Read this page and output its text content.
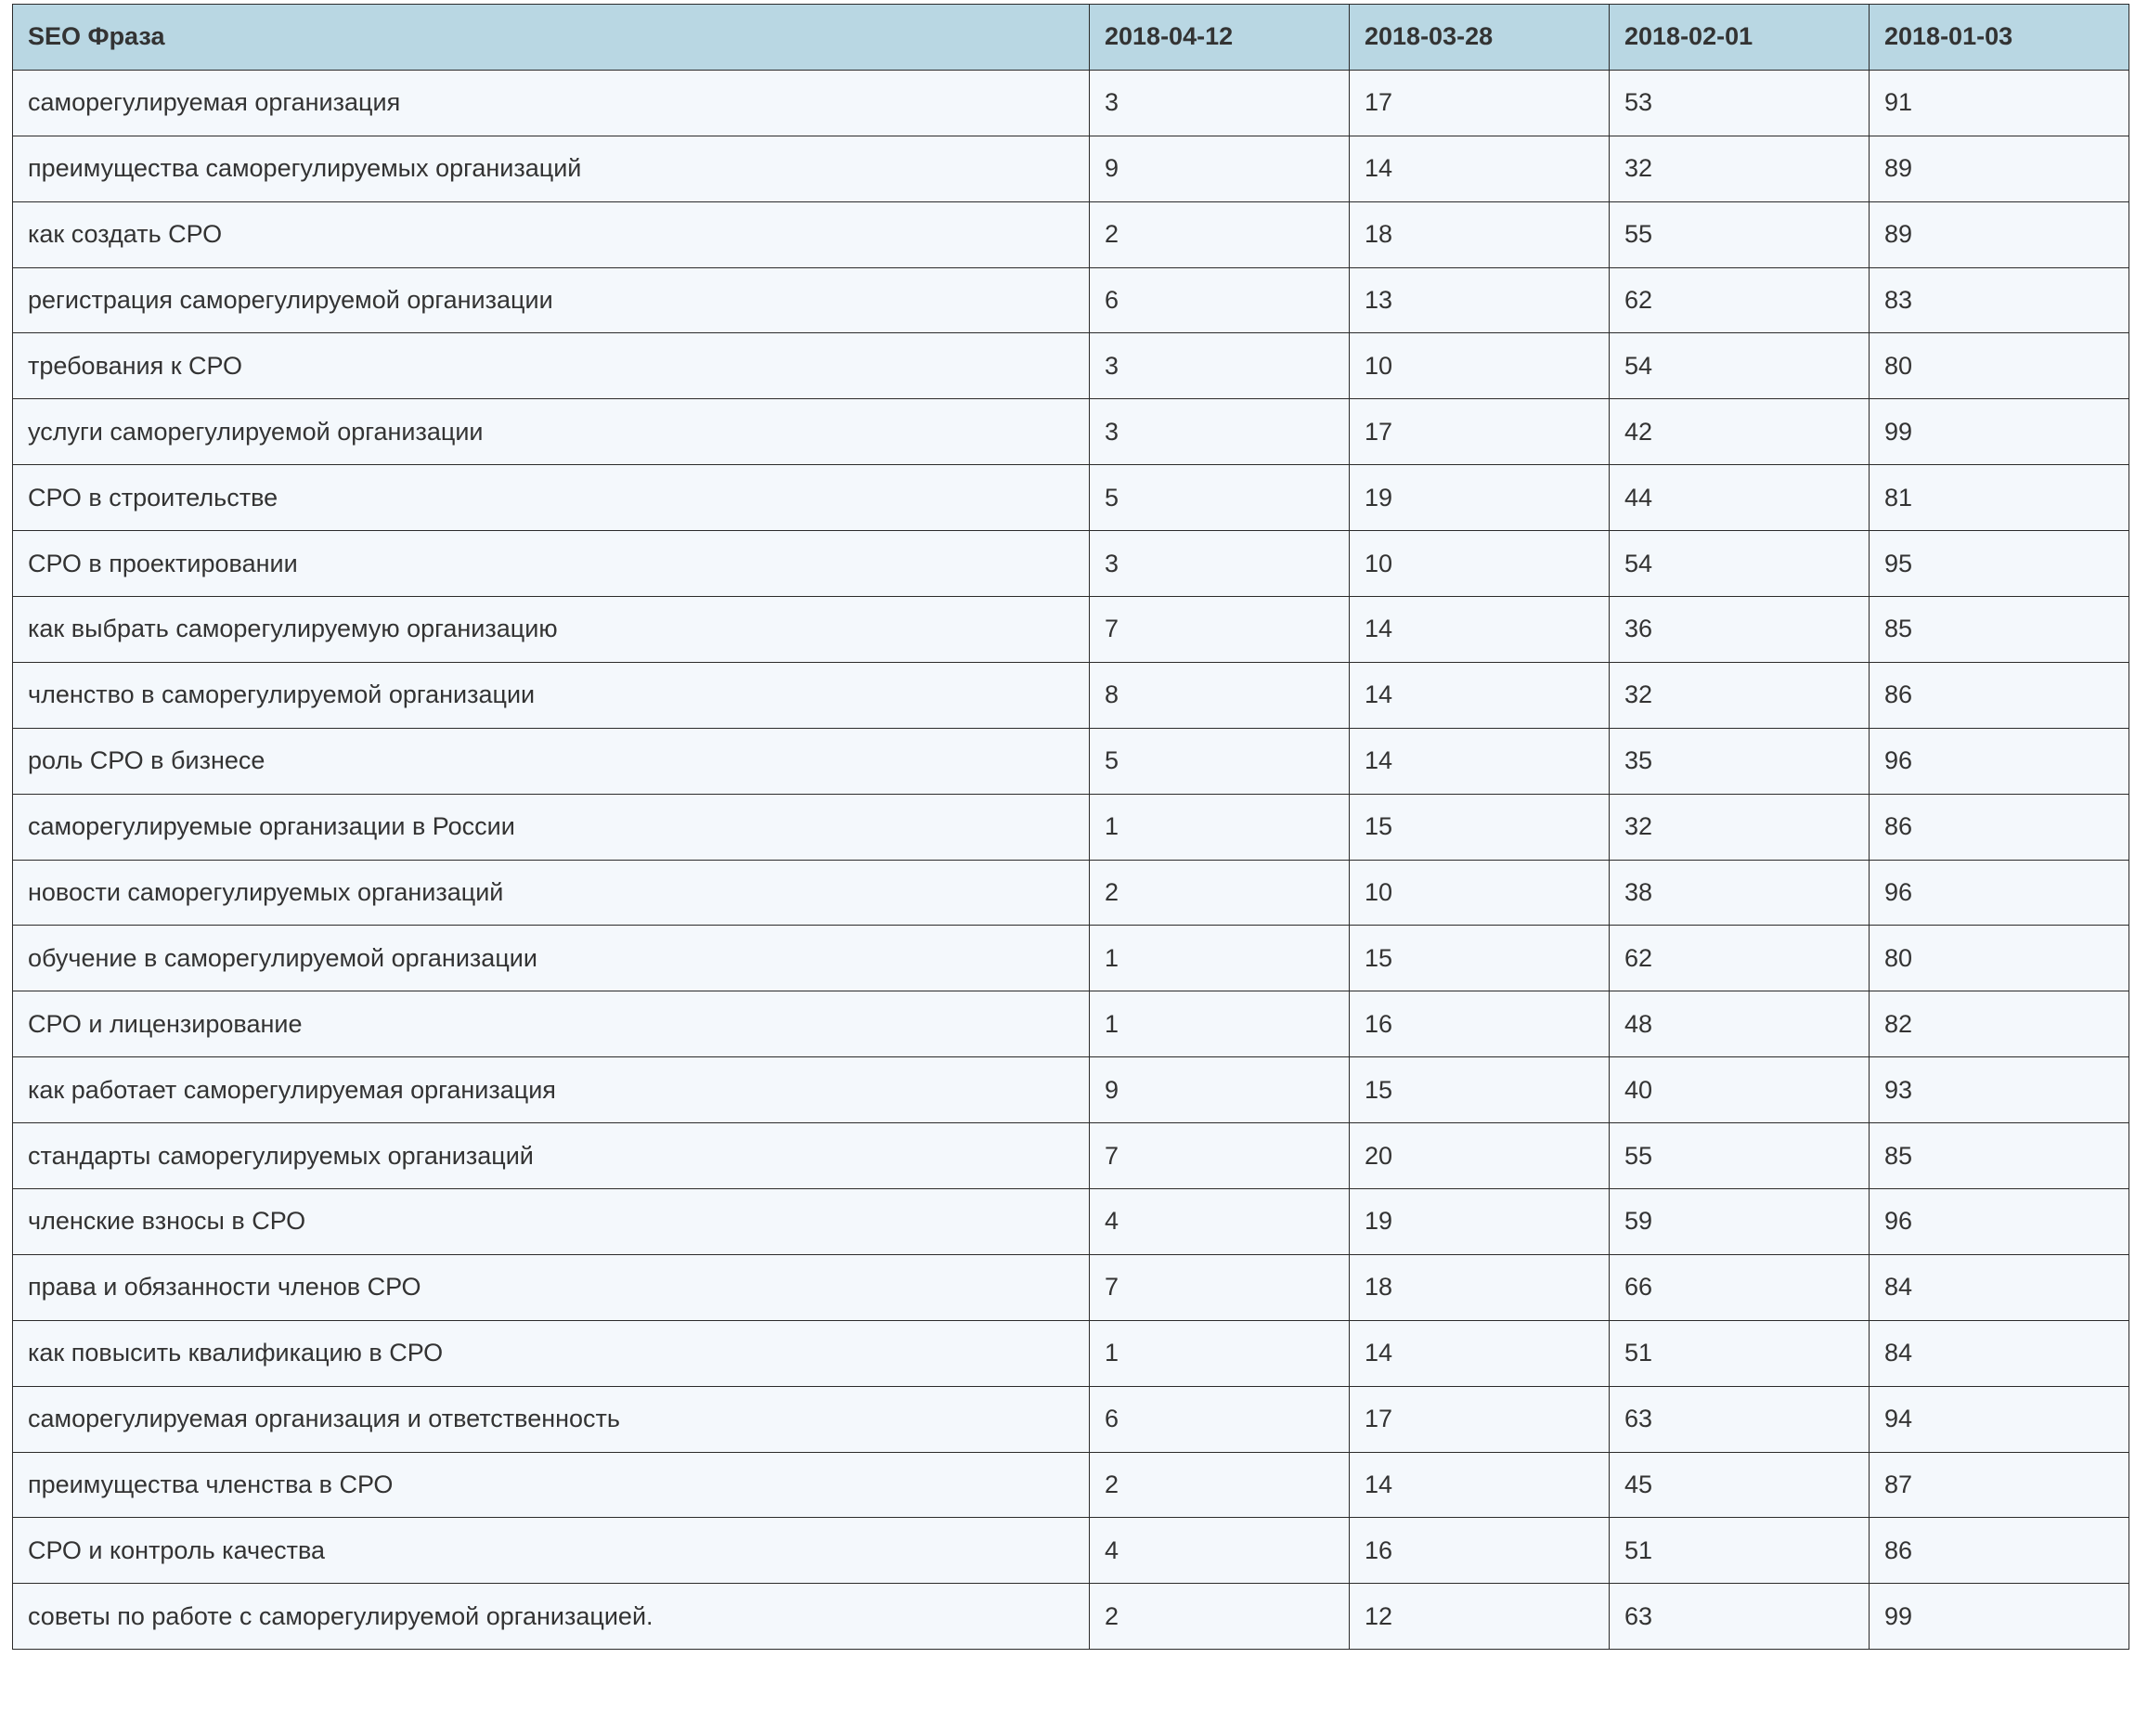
SEO Фраза	2018-04-12	2018-03-28	2018-02-01	2018-01-03
саморегулируемая организация	3	17	53	91
преимущества саморегулируемых организаций	9	14	32	89
как создать СРО	2	18	55	89
регистрация саморегулируемой организации	6	13	62	83
требования к СРО	3	10	54	80
услуги саморегулируемой организации	3	17	42	99
СРО в строительстве	5	19	44	81
СРО в проектировании	3	10	54	95
как выбрать саморегулируемую организацию	7	14	36	85
членство в саморегулируемой организации	8	14	32	86
роль СРО в бизнесе	5	14	35	96
саморегулируемые организации в России	1	15	32	86
новости саморегулируемых организаций	2	10	38	96
обучение в саморегулируемой организации	1	15	62	80
СРО и лицензирование	1	16	48	82
как работает саморегулируемая организация	9	15	40	93
стандарты саморегулируемых организаций	7	20	55	85
членские взносы в СРО	4	19	59	96
права и обязанности членов СРО	7	18	66	84
как повысить квалификацию в СРО	1	14	51	84
саморегулируемая организация и ответственность	6	17	63	94
преимущества членства в СРО	2	14	45	87
СРО и контроль качества	4	16	51	86
советы по работе с саморегулируемой организацией.	2	12	63	99
